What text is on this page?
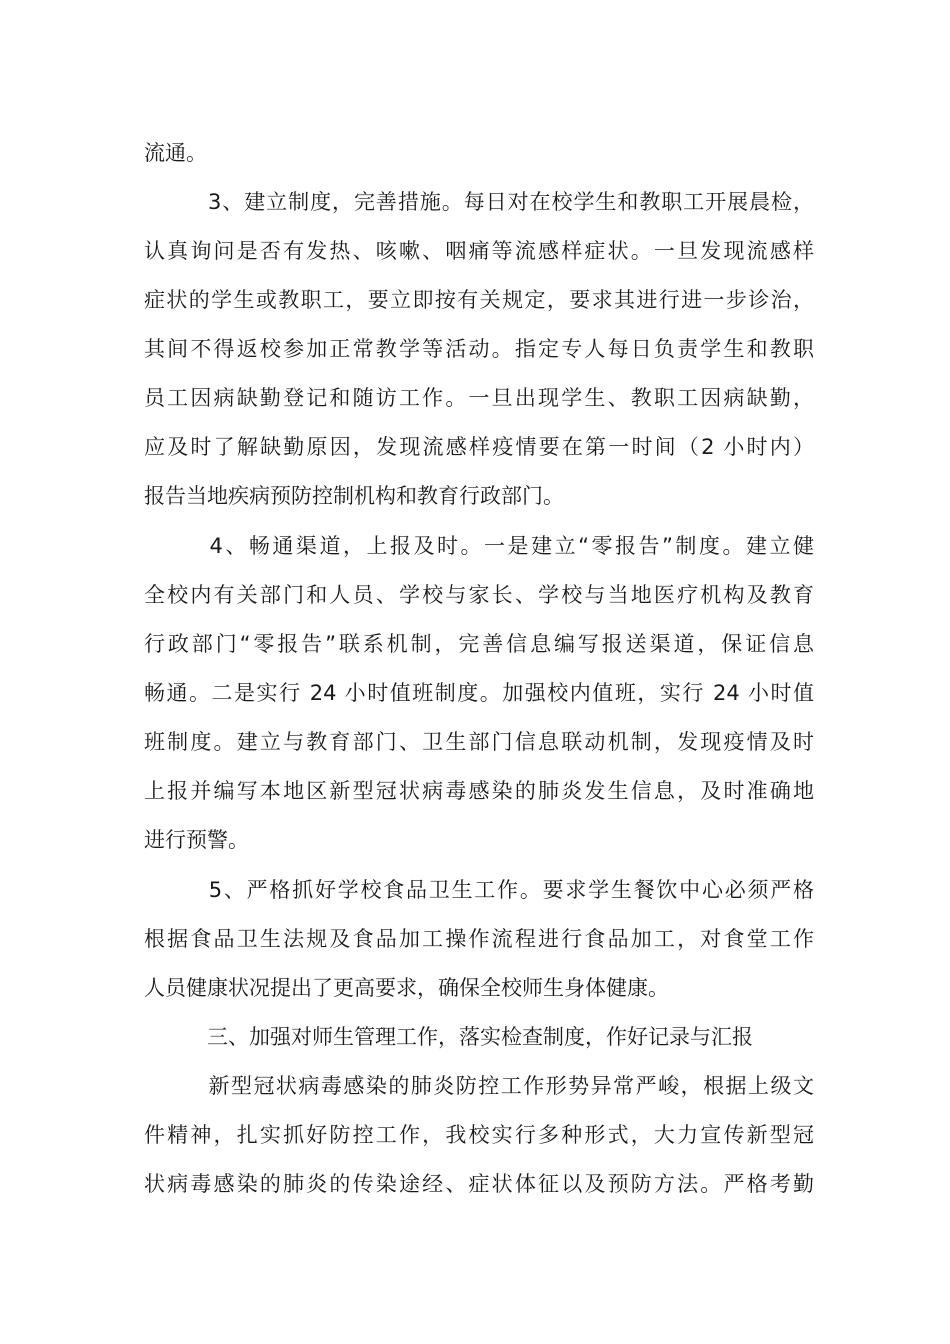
流通。
　3、建立制度，完善措施。每日对在校学生和教职工开展晨检，
认真询问是否有发热、咳嗽、咽痛等流感样症状。一旦发现流感样
症状的学生或教职工，要立即按有关规定，要求其进行进一步诊治，
其间不得返校参加正常教学等活动。指定专人每日负责学生和教职
员工因病缺勤登记和随访工作。一旦出现学生、教职工因病缺勤，
应及时了解缺勤原因，发现流感样疫情要在第一时间（2 小时内）
报告当地疾病预防控制机构和教育行政部门。
　4、畅通渠道，上报及时。一是建立“零报告”制度。建立健
全校内有关部门和人员、学校与家长、学校与当地医疗机构及教育
行政部门“零报告”联系机制，完善信息编写报送渠道，保证信息
畅通。二是实行 24 小时值班制度。加强校内值班，实行 24 小时值
班制度。建立与教育部门、卫生部门信息联动机制，发现疫情及时
上报并编写本地区新型冠状病毒感染的肺炎发生信息，及时准确地
进行预警。
　5、严格抓好学校食品卫生工作。要求学生餐饮中心必须严格
根据食品卫生法规及食品加工操作流程进行食品加工，对食堂工作
人员健康状况提出了更高要求，确保全校师生身体健康。
　三、加强对师生管理工作，落实检查制度，作好记录与汇报
　新型冠状病毒感染的肺炎防控工作形势异常严峻，根据上级文
件精神，扎实抓好防控工作，我校实行多种形式，大力宣传新型冠
状病毒感染的肺炎的传染途经、症状体征以及预防方法。严格考勤
